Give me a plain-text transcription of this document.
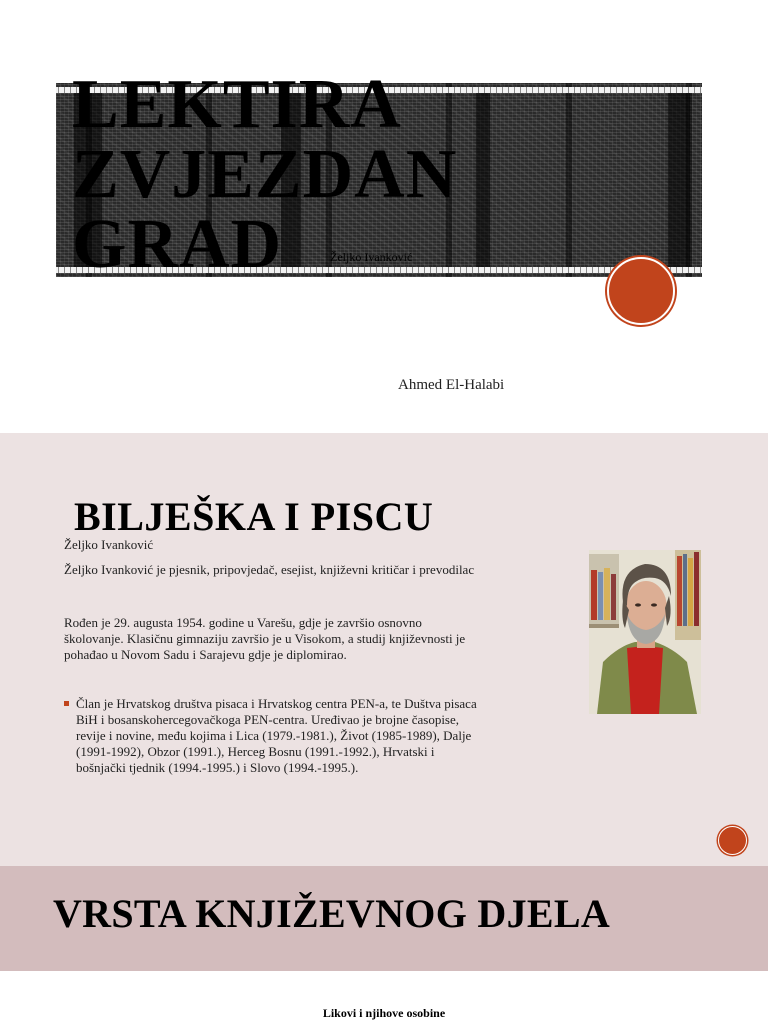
LEKTIRA
ZVJEZDAN
GRAD	Željko Ivanković
Ahmed El-Halabi
BILJEŠKA I PISCU

Željko Ivanković

Željko Ivanković je pjesnik, pripovjedač, esejist, književni kritičar i prevodilac

Rođen je 29. augusta 1954. godine u Varešu, gdje je završio osnovno
školovanje. Klasičnu gimnaziju završio je u Visokom, a studij književnosti je
pohađao u Novom Sadu i Sarajevu gdje je diplomirao.

Član je Hrvatskog društva pisaca i Hrvatskog centra PEN-a, te Duštva pisaca
BiH i bosanskohercegovačkoga PEN-centra. Uređivao je brojne časopise,
revije i novine, među kojima i Lica (1979.-1981.), Život (1985-1989), Dalje
(1991-1992), Obzor (1991.), Herceg Bosnu (1991.-1992.), Hrvatski i
bošnjački tjednik (1994.-1995.) i Slovo (1994.-1995.).
VRSTA KNJIŽEVNOG DJELA
Likovi i njihove osobine
